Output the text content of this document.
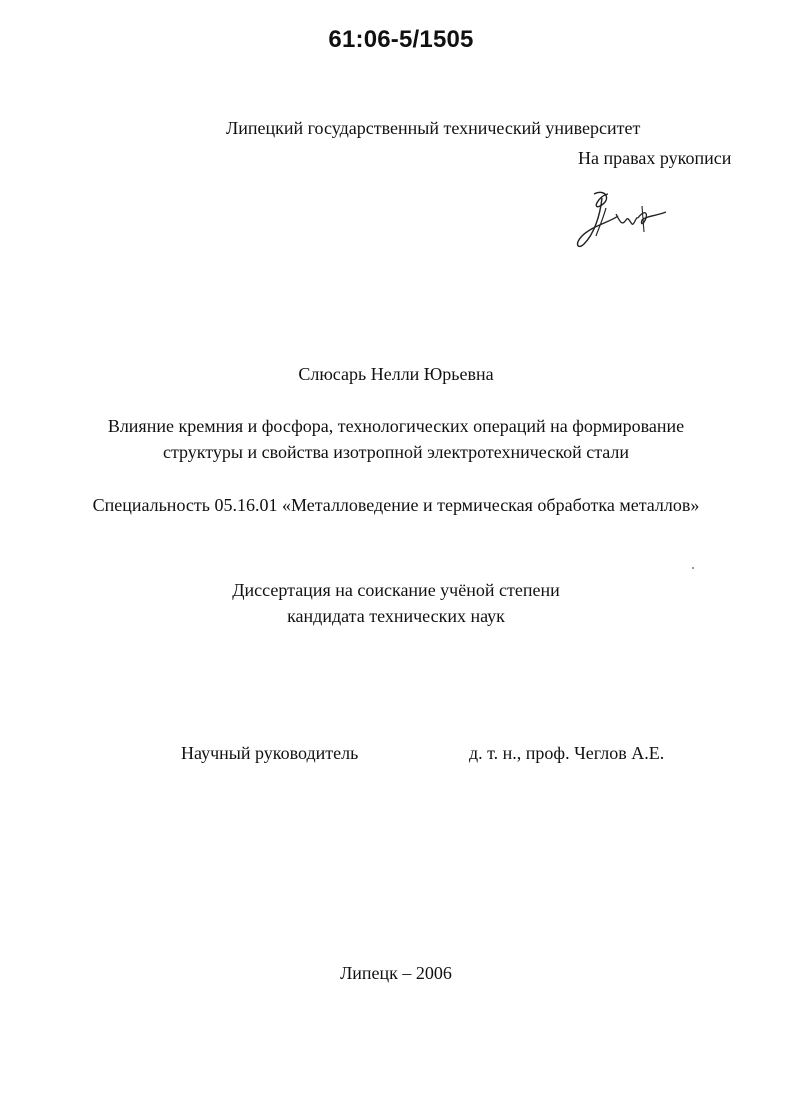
61:06-5/1505
Липецкий государственный технический университет
На правах рукописи
Слюсарь Нелли Юрьевна
Влияние кремния и фосфора, технологических операций на формирование
структуры и свойства изотропной электротехнической стали
Специальность 05.16.01 «Металловедение и термическая обработка металлов»
Диссертация на соискание учёной степени
кандидата технических наук
Научный руководитель	д. т. н., проф. Чеглов А.Е.
Липецк – 2006
